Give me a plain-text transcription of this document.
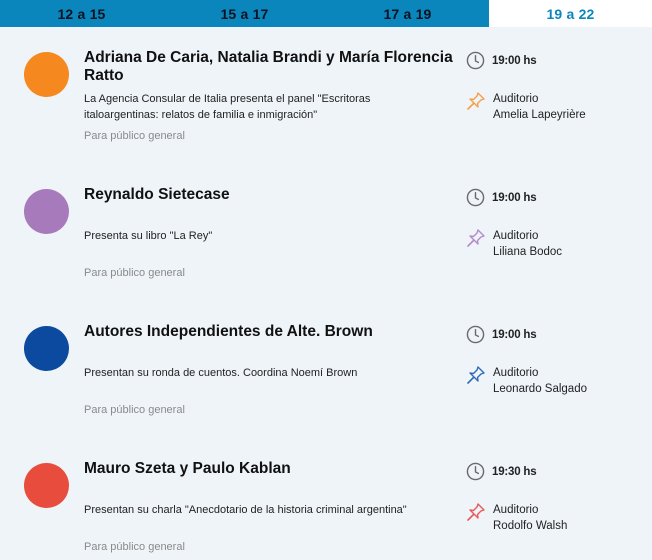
12 a 15	15 a 17	17 a 19	19 a 22
Adriana De Caria, Natalia Brandi y María Florencia Ratto
La Agencia Consular de Italia presenta el panel "Escritoras italoargentinas: relatos de familia e inmigración"
Para público general
19:00 hs
Auditorio
Amelia Lapeyrière
Reynaldo Sietecase
Presenta su libro "La Rey"
Para público general
19:00 hs
Auditorio
Liliana Bodoc
Autores Independientes de Alte. Brown
Presentan su ronda de cuentos. Coordina Noemí Brown
Para público general
19:00 hs
Auditorio
Leonardo Salgado
Mauro Szeta y Paulo Kablan
Presentan su charla "Anecdotario de la historia criminal argentina"
Para público general
19:30 hs
Auditorio
Rodolfo Walsh
